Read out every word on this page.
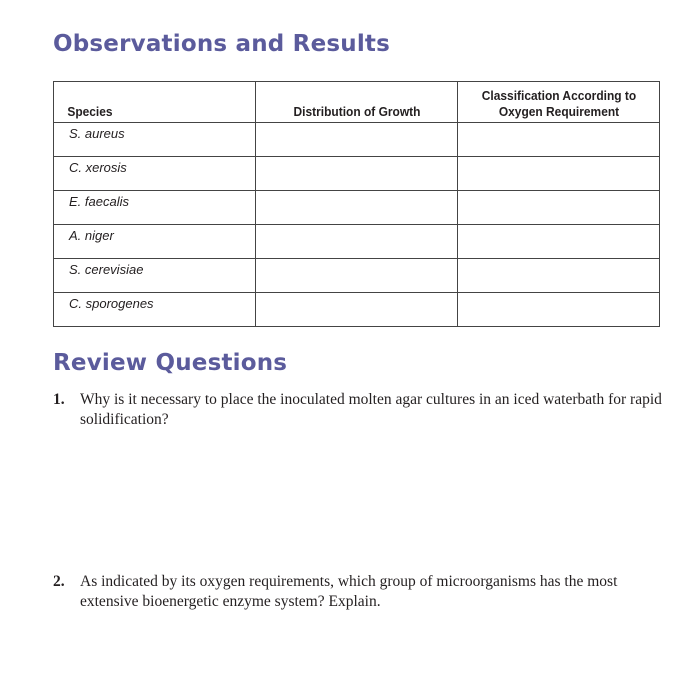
Observations and Results
Species	Distribution of Growth	Classification According to
Oxygen Requirement
S. aureus		
C. xerosis		
E. faecalis		
A. niger		
S. cerevisiae		
C. sporogenes		
Review Questions
1. Why is it necessary to place the inoculated molten agar cultures in an iced waterbath for rapid solidification?
2. As indicated by its oxygen requirements, which group of microorganisms has the most extensive bioenergetic enzyme system? Explain.
